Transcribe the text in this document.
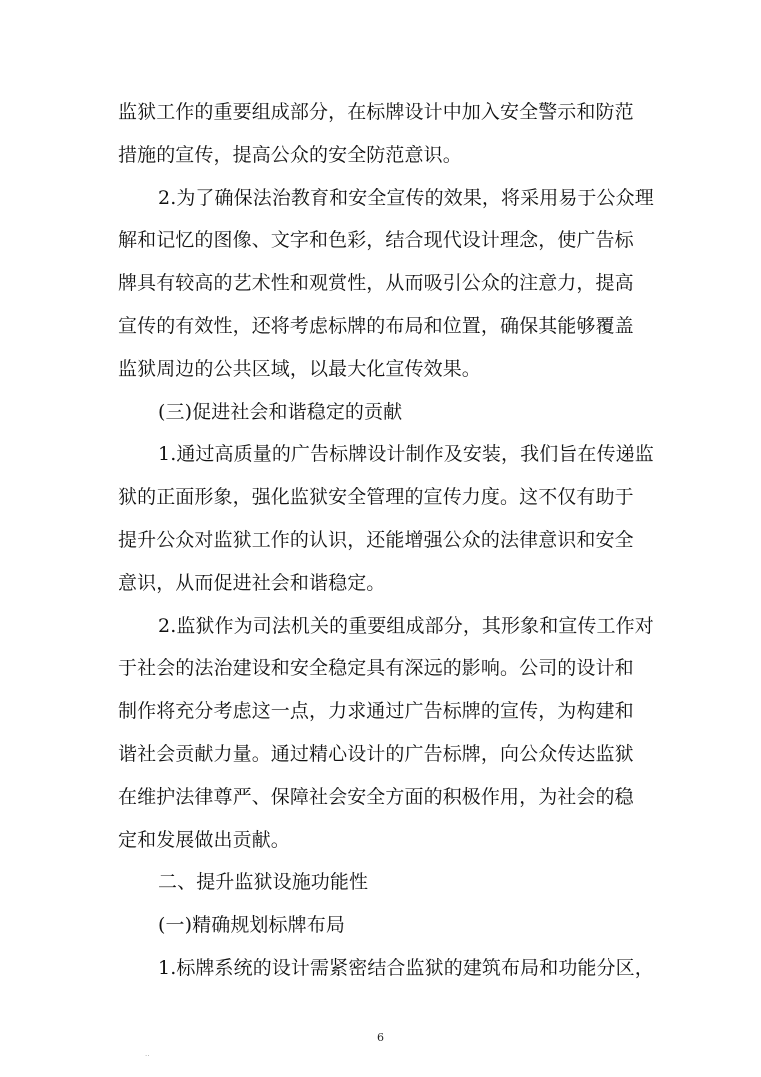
监狱工作的重要组成部分，在标牌设计中加入安全警示和防范
措施的宣传，提高公众的安全防范意识。
2.为了确保法治教育和安全宣传的效果，将采用易于公众理
解和记忆的图像、文字和色彩，结合现代设计理念，使广告标
牌具有较高的艺术性和观赏性，从而吸引公众的注意力，提高
宣传的有效性，还将考虑标牌的布局和位置，确保其能够覆盖
监狱周边的公共区域，以最大化宣传效果。
(三)促进社会和谐稳定的贡献
1.通过高质量的广告标牌设计制作及安装，我们旨在传递监
狱的正面形象，强化监狱安全管理的宣传力度。这不仅有助于
提升公众对监狱工作的认识，还能增强公众的法律意识和安全
意识，从而促进社会和谐稳定。
2.监狱作为司法机关的重要组成部分，其形象和宣传工作对
于社会的法治建设和安全稳定具有深远的影响。公司的设计和
制作将充分考虑这一点，力求通过广告标牌的宣传，为构建和
谐社会贡献力量。通过精心设计的广告标牌，向公众传达监狱
在维护法律尊严、保障社会安全方面的积极作用，为社会的稳
定和发展做出贡献。
二、提升监狱设施功能性
(一)精确规划标牌布局
1.标牌系统的设计需紧密结合监狱的建筑布局和功能分区，
6
..
